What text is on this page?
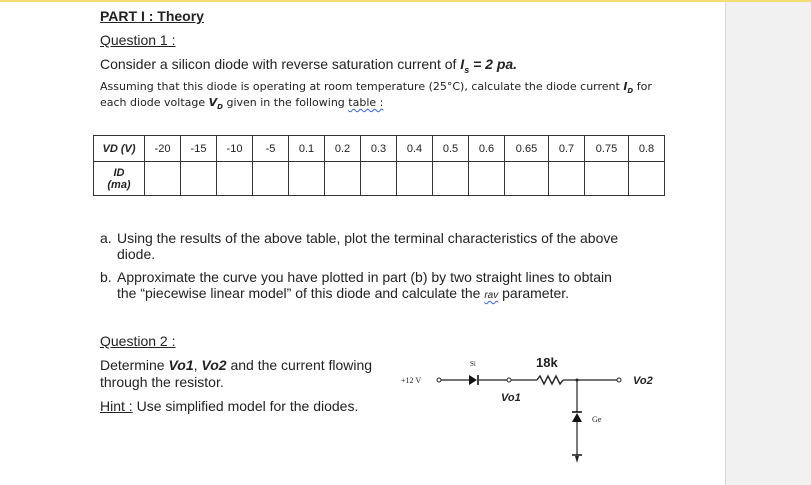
PART I : Theory
Question 1 :
Consider a silicon diode with reverse saturation current of $I_s = 2$ pa.
Assuming that this diode is operating at room temperature (25°C), calculate the diode current $I_D$ for
each diode voltage $V_D$ given in the following table :
VD (V)	-20	-15	-10	-5	0.1	0.2	0.3	0.4	0.5	0.6	0.65	0.7	0.75	0.8
ID
(ma)														
a. Using the results of the above table, plot the terminal characteristics of the above
diode.
b. Approximate the curve you have plotted in part (b) by two straight lines to obtain
the “piecewise linear model” of this diode and calculate the rav parameter.
Question 2 :
Determine Vo1, Vo2 and the current flowing
through the resistor.
Hint : Use simplified model for the diodes.
+12 V
Si
Vo1
18k
Vo2
Ge
